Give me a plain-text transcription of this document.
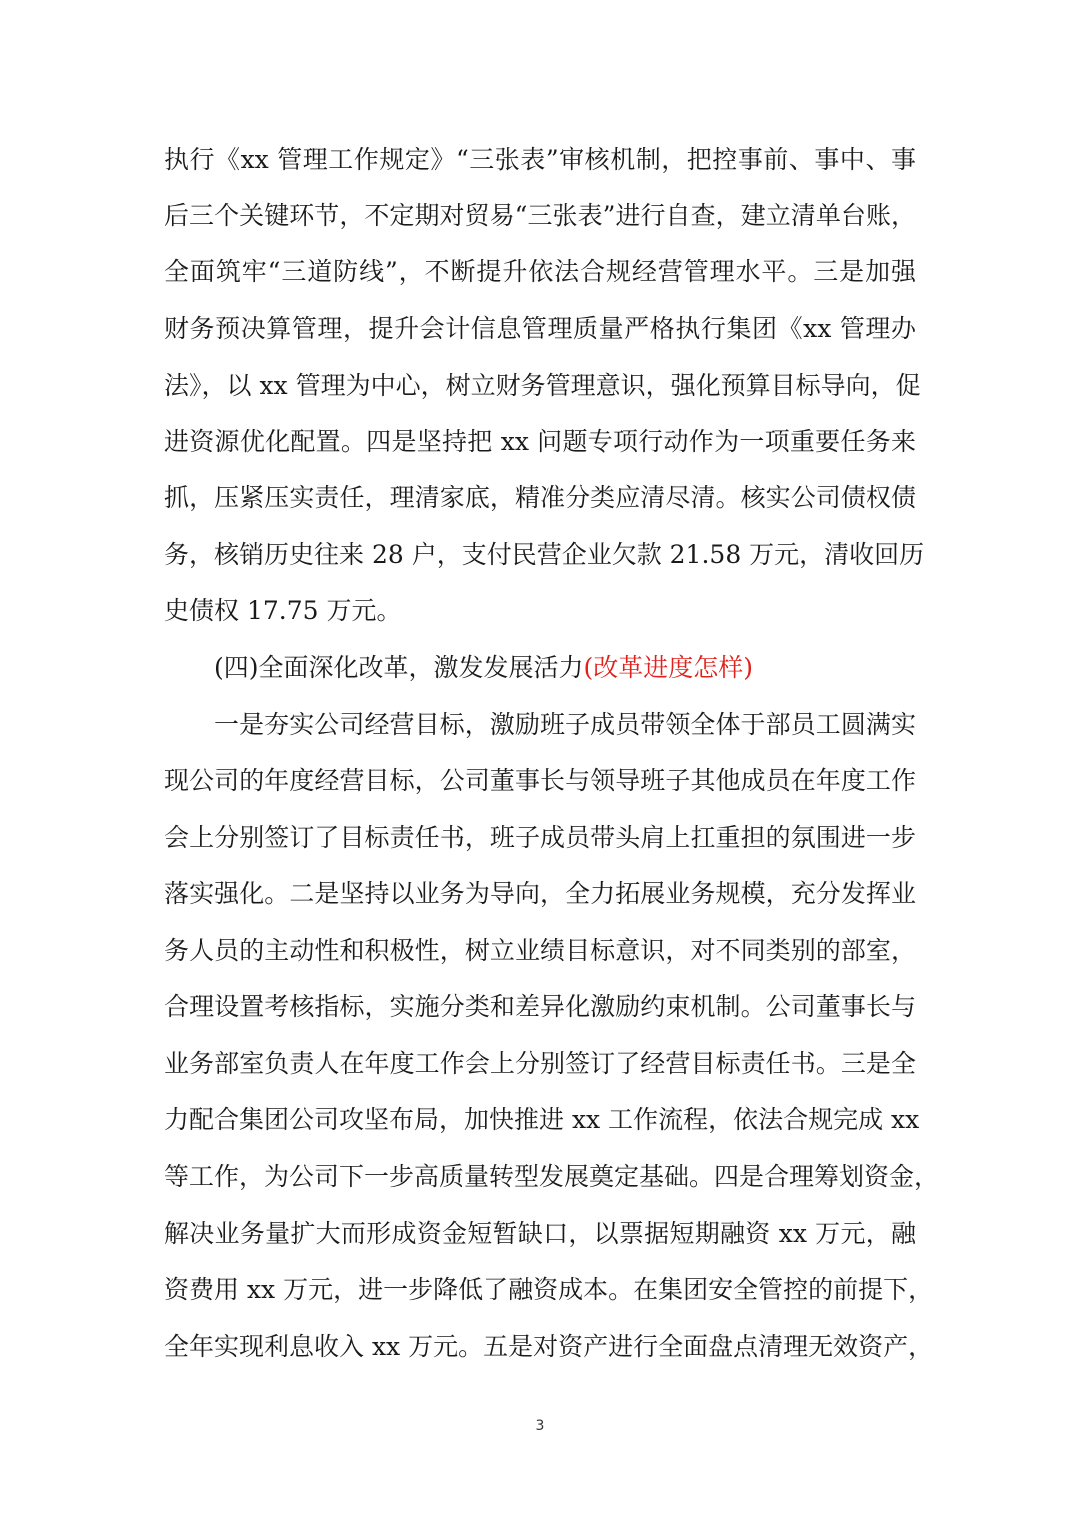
执行《xx 管理工作规定》“三张表”审核机制，把控事前、事中、事
后三个关键环节，不定期对贸易“三张表”进行自查，建立清单台账，
全面筑牢“三道防线”，不断提升依法合规经营管理水平。三是加强
财务预决算管理，提升会计信息管理质量严格执行集团《xx 管理办
法》，以 xx 管理为中心，树立财务管理意识，强化预算目标导向，促
进资源优化配置。四是坚持把 xx 问题专项行动作为一项重要任务来
抓，压紧压实责任，理清家底，精准分类应清尽清。核实公司债权债
务，核销历史往来 28 户，支付民营企业欠款 21.58 万元，清收回历
史债权 17.75 万元。
(四)全面深化改革，激发发展活力(改革进度怎样)
一是夯实公司经营目标，激励班子成员带领全体于部员工圆满实
现公司的年度经营目标，公司董事长与领导班子其他成员在年度工作
会上分别签订了目标责任书，班子成员带头肩上扛重担的氛围进一步
落实强化。二是坚持以业务为导向，全力拓展业务规模，充分发挥业
务人员的主动性和积极性，树立业绩目标意识，对不同类别的部室，
合理设置考核指标，实施分类和差异化激励约束机制。公司董事长与
业务部室负责人在年度工作会上分别签订了经营目标责任书。三是全
力配合集团公司攻坚布局，加快推进 xx 工作流程，依法合规完成 xx
等工作，为公司下一步高质量转型发展奠定基础。四是合理筹划资金，
解决业务量扩大而形成资金短暂缺口，以票据短期融资 xx 万元，融
资费用 xx 万元，进一步降低了融资成本。在集团安全管控的前提下，
全年实现利息收入 xx 万元。五是对资产进行全面盘点清理无效资产，
3
